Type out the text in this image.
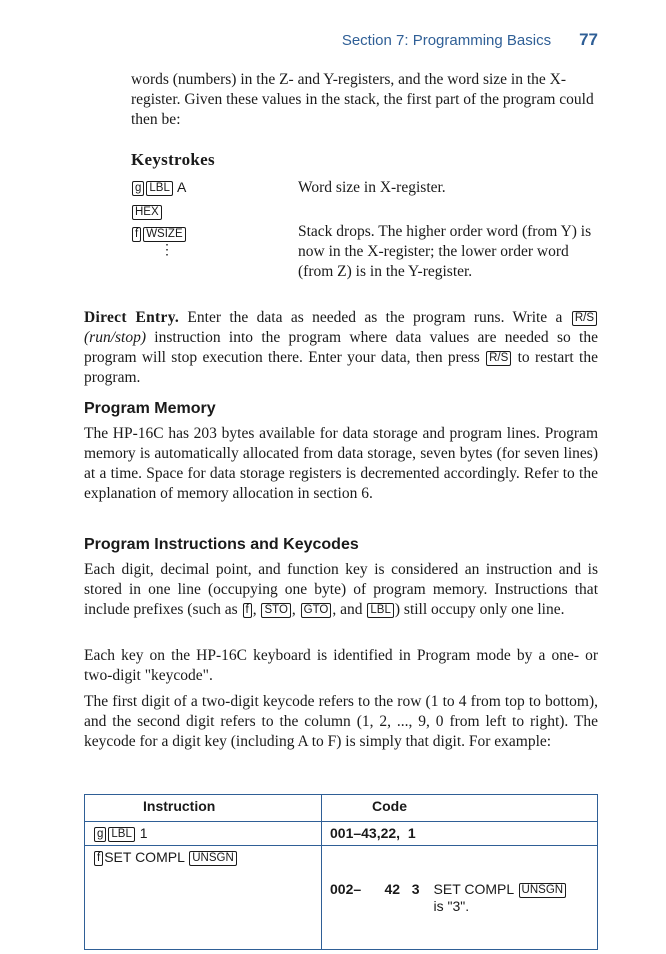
Section 7: Programming Basics 77
words (numbers) in the Z- and Y-registers, and the word size in the X-register. Given these values in the stack, the first part of the program could then be:
Keystrokes
g LBL A	Word size in X-register.
HEX
f WSIZE	Stack drops. The higher order word (from Y) is now in the X-register; the lower order word (from Z) is in the Y-register.
⋮
Direct Entry. Enter the data as needed as the program runs. Write a R/S (run/stop) instruction into the program where data values are needed so the program will stop execution there. Enter your data, then press R/S to restart the program.
Program Memory
The HP-16C has 203 bytes available for data storage and program lines. Program memory is automatically allocated from data storage, seven bytes (for seven lines) at a time. Space for data storage registers is decremented accordingly. Refer to the explanation of memory allocation in section 6.
Program Instructions and Keycodes
Each digit, decimal point, and function key is considered an instruction and is stored in one line (occupying one byte) of program memory. Instructions that include prefixes (such as f , STO , GTO , and LBL ) still occupy only one line.
Each key on the HP-16C keyboard is identified in Program mode by a one- or two-digit "keycode".
The first digit of a two-digit keycode refers to the row (1 to 4 from top to bottom), and the second digit refers to the column (1, 2, ..., 9, 0 from left to right). The keycode for a digit key (including A to F) is simply that digit. For example:
Instruction	Code
g LBL 1	001–43,22,  1
f SET COMPL UNSGN	002–      42   3 SET COMPL UNSGN
is "3".
